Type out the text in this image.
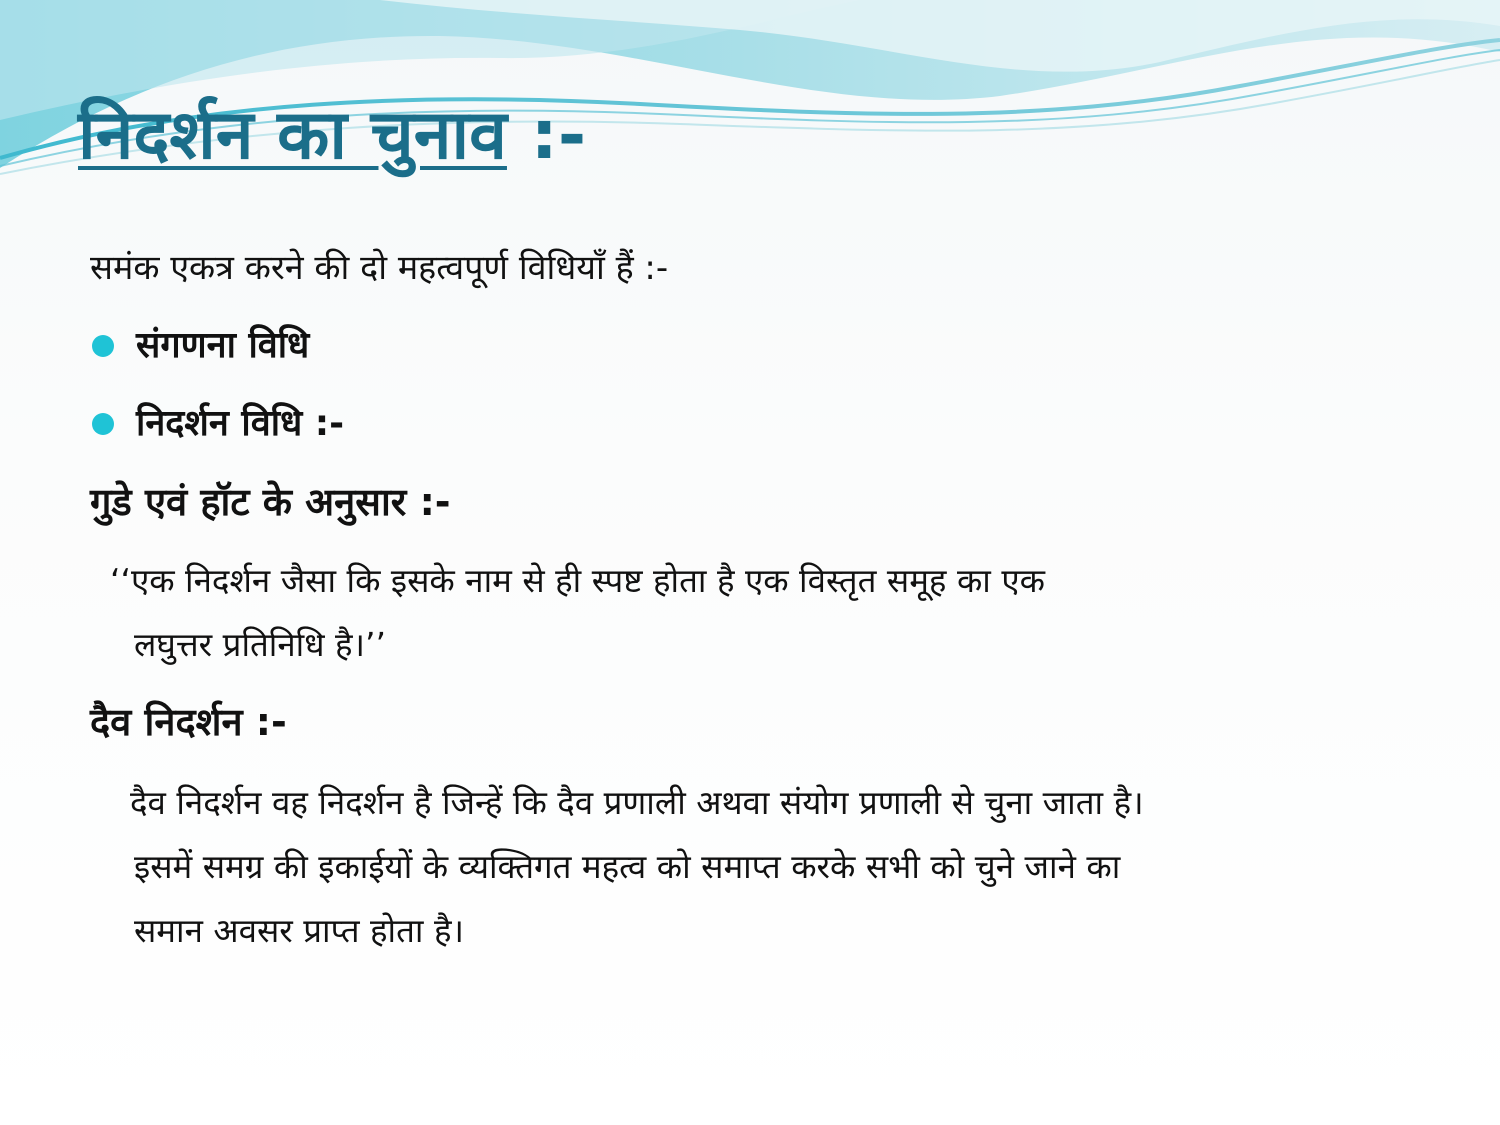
निदर्शन का चुनाव :-

समंक एकत्र करने की दो महत्वपूर्ण विधियाँ हैं :-

संगणना विधि
निदर्शन विधि :-

गुडे एवं हॉट के अनुसार :-

‘‘एक निदर्शन जैसा कि इसके नाम से ही स्पष्ट होता है एक विस्तृत समूह का एक

लघुत्तर प्रतिनिधि है।’’

दैव निदर्शन :-

दैव निदर्शन वह निदर्शन है जिन्हें कि दैव प्रणाली अथवा संयोग प्रणाली से चुना जाता है।

इसमें समग्र की इकाईयों के व्यक्तिगत महत्व को समाप्त करके सभी को चुने जाने का

समान अवसर प्राप्त होता है।
